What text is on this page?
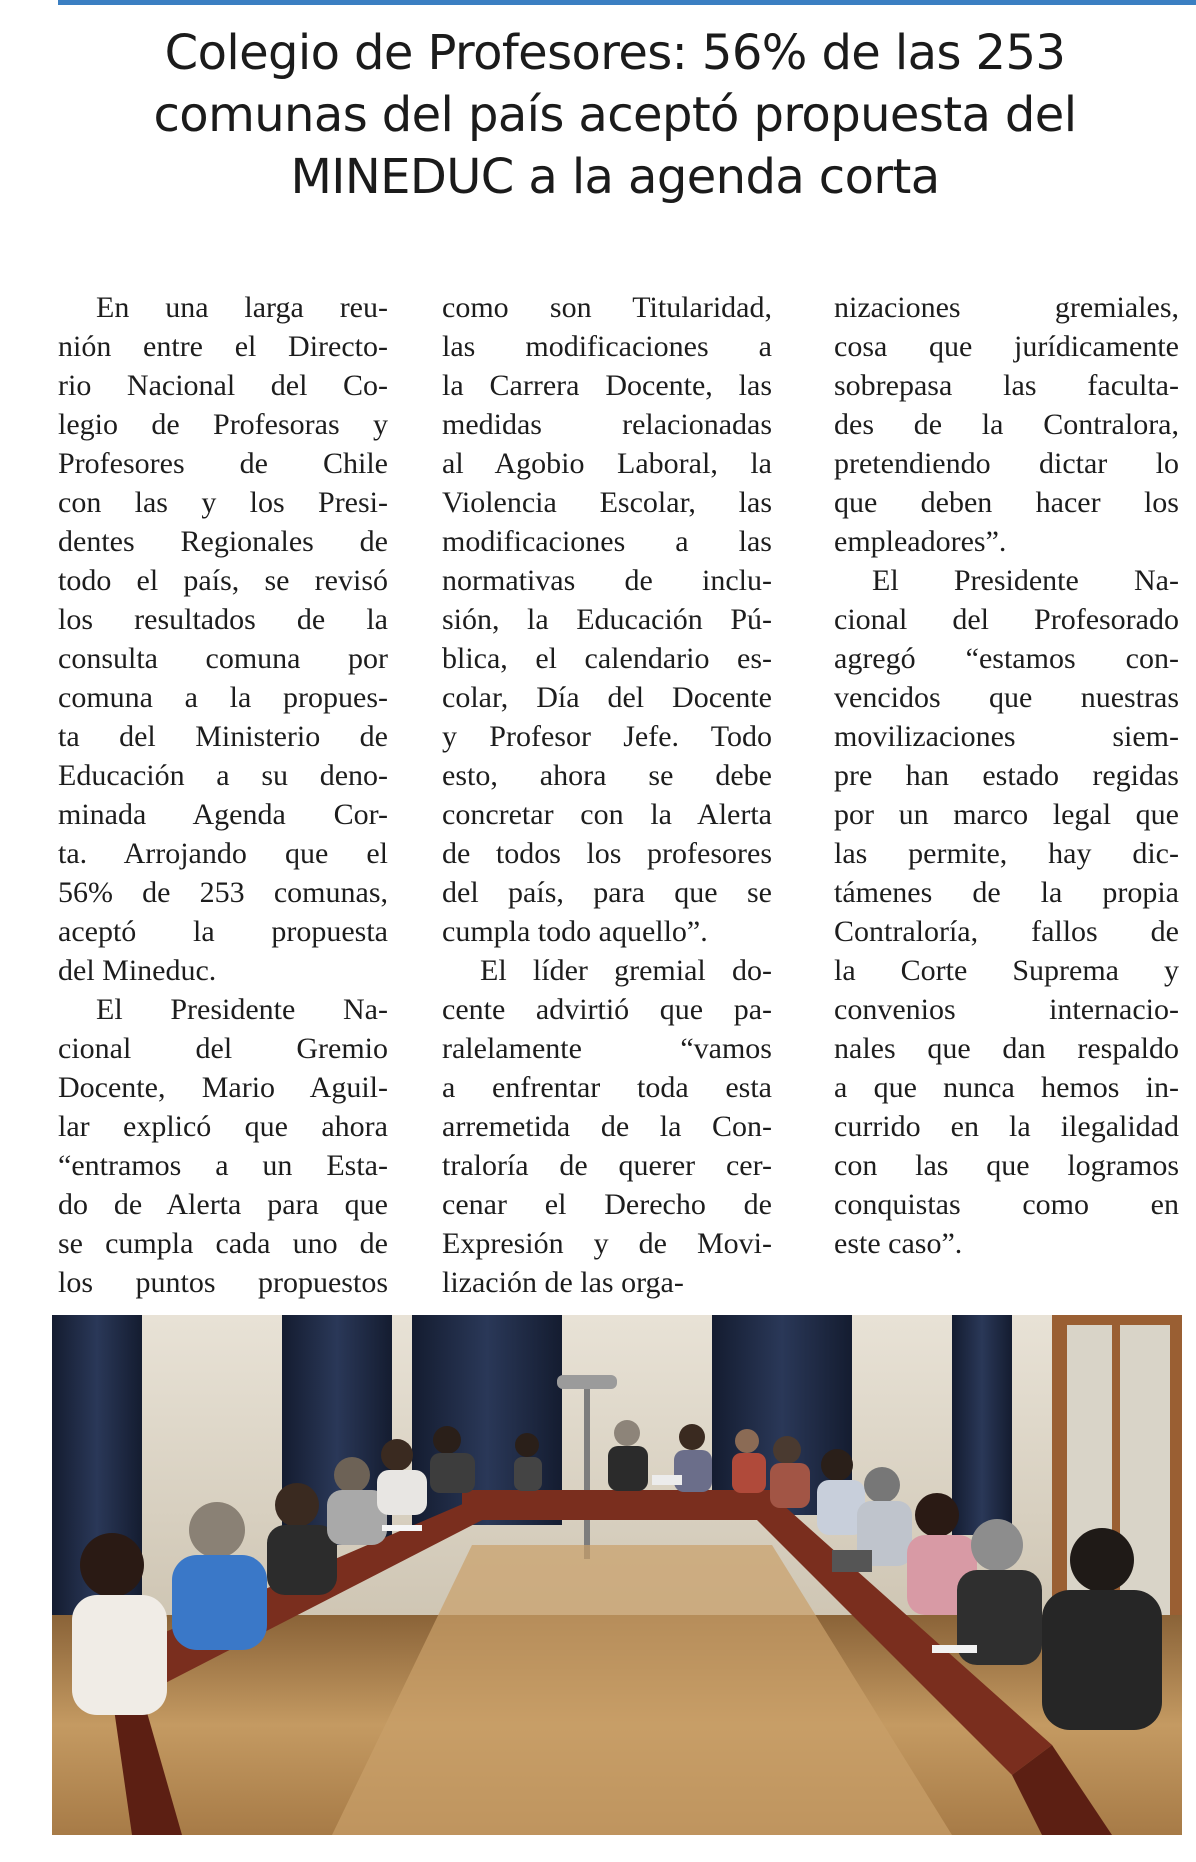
Colegio de Profesores: 56% de las 253
comunas del país aceptó propuesta del
MINEDUC a la agenda corta
En una larga reu-
nión entre el Directo-
rio Nacional del Co-
legio de Profesoras y
Profesores de Chile
con las y los Presi-
dentes Regionales de
todo el país, se revisó
los resultados de la
consulta comuna por
comuna a la propues-
ta del Ministerio de
Educación a su deno-
minada Agenda Cor-
ta. Arrojando que el
56% de 253 comunas,
aceptó la propuesta
del Mineduc.
El Presidente Na-
cional del Gremio
Docente, Mario Aguil-
lar explicó que ahora
“entramos a un Esta-
do de Alerta para que
se cumpla cada uno de
los puntos propuestos
como son Titularidad,
las modificaciones a
la Carrera Docente, las
medidas relacionadas
al Agobio Laboral, la
Violencia Escolar, las
modificaciones a las
normativas de inclu-
sión, la Educación Pú-
blica, el calendario es-
colar, Día del Docente
y Profesor Jefe. Todo
esto, ahora se debe
concretar con la Alerta
de todos los profesores
del país, para que se
cumpla todo aquello”.
El líder gremial do-
cente advirtió que pa-
ralelamente “vamos
a enfrentar toda esta
arremetida de la Con-
traloría de querer cer-
cenar el Derecho de
Expresión y de Movi-
lización de las orga-
nizaciones gremiales,
cosa que jurídicamente
sobrepasa las faculta-
des de la Contralora,
pretendiendo dictar lo
que deben hacer los
empleadores”.
El Presidente Na-
cional del Profesorado
agregó “estamos con-
vencidos que nuestras
movilizaciones siem-
pre han estado regidas
por un marco legal que
las permite, hay dic-
támenes de la propia
Contraloría, fallos de
la Corte Suprema y
convenios internacio-
nales que dan respaldo
a que nunca hemos in-
currido en la ilegalidad
con las que logramos
conquistas como en
este caso”.
